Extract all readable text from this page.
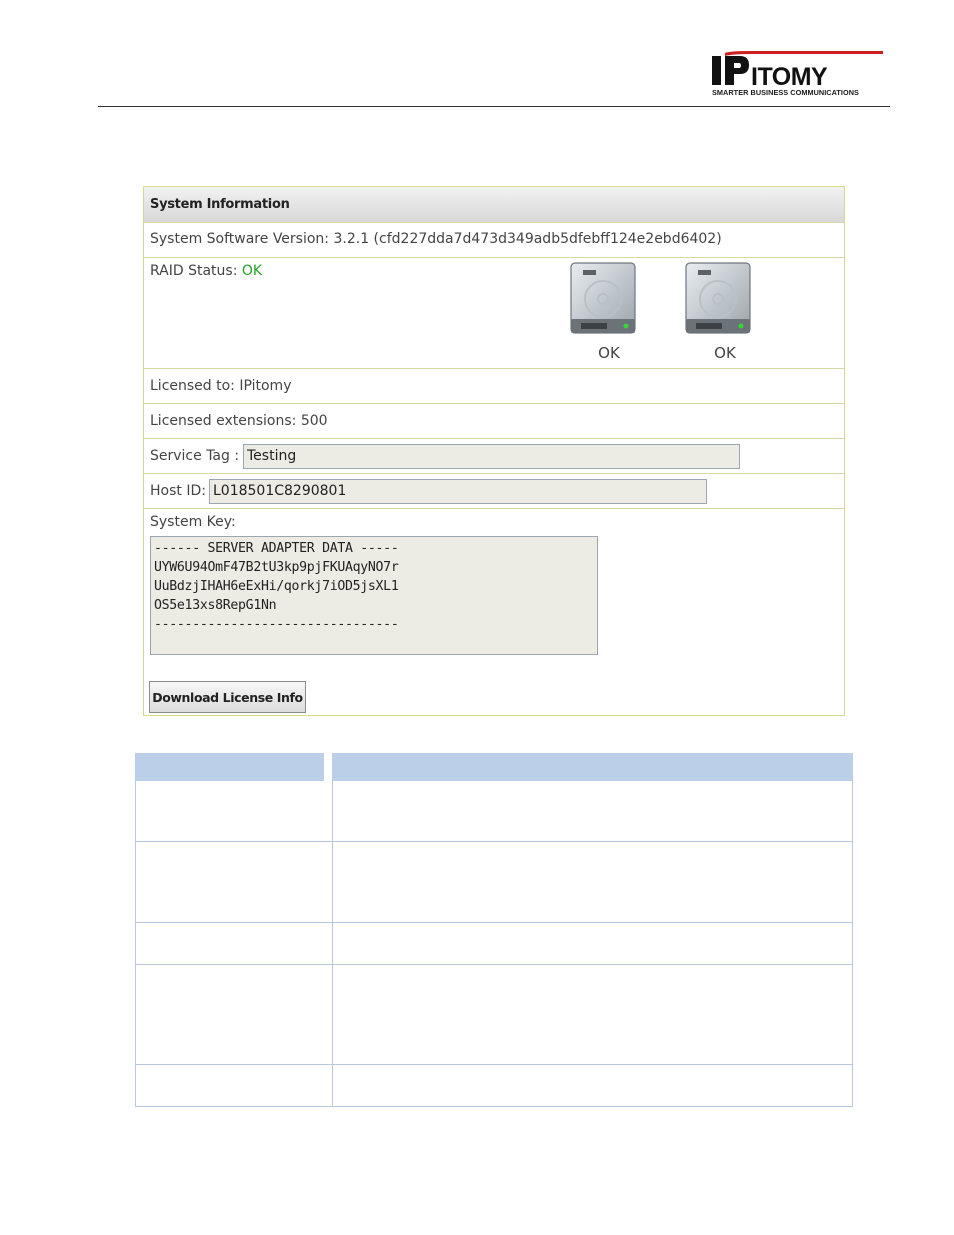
ITOMY
SMARTER BUSINESS COMMUNICATIONS
System Information
System Software Version: 3.2.1 (cfd227dda7d473d349adb5dfebff124e2ebd6402)
RAID Status: OK
OK	OK
Licensed to: IPitomy
Licensed extensions: 500
Service Tag : Testing
Host ID: L018501C8290801
System Key:
------ SERVER ADAPTER DATA -----
UYW6U94OmF47B2tU3kp9pjFKUAqyNO7r
UuBdzjIHAH6eExHi/qorkj7iOD5jsXL1
OS5e13xs8RepG1Nn
--------------------------------
Download License Info
